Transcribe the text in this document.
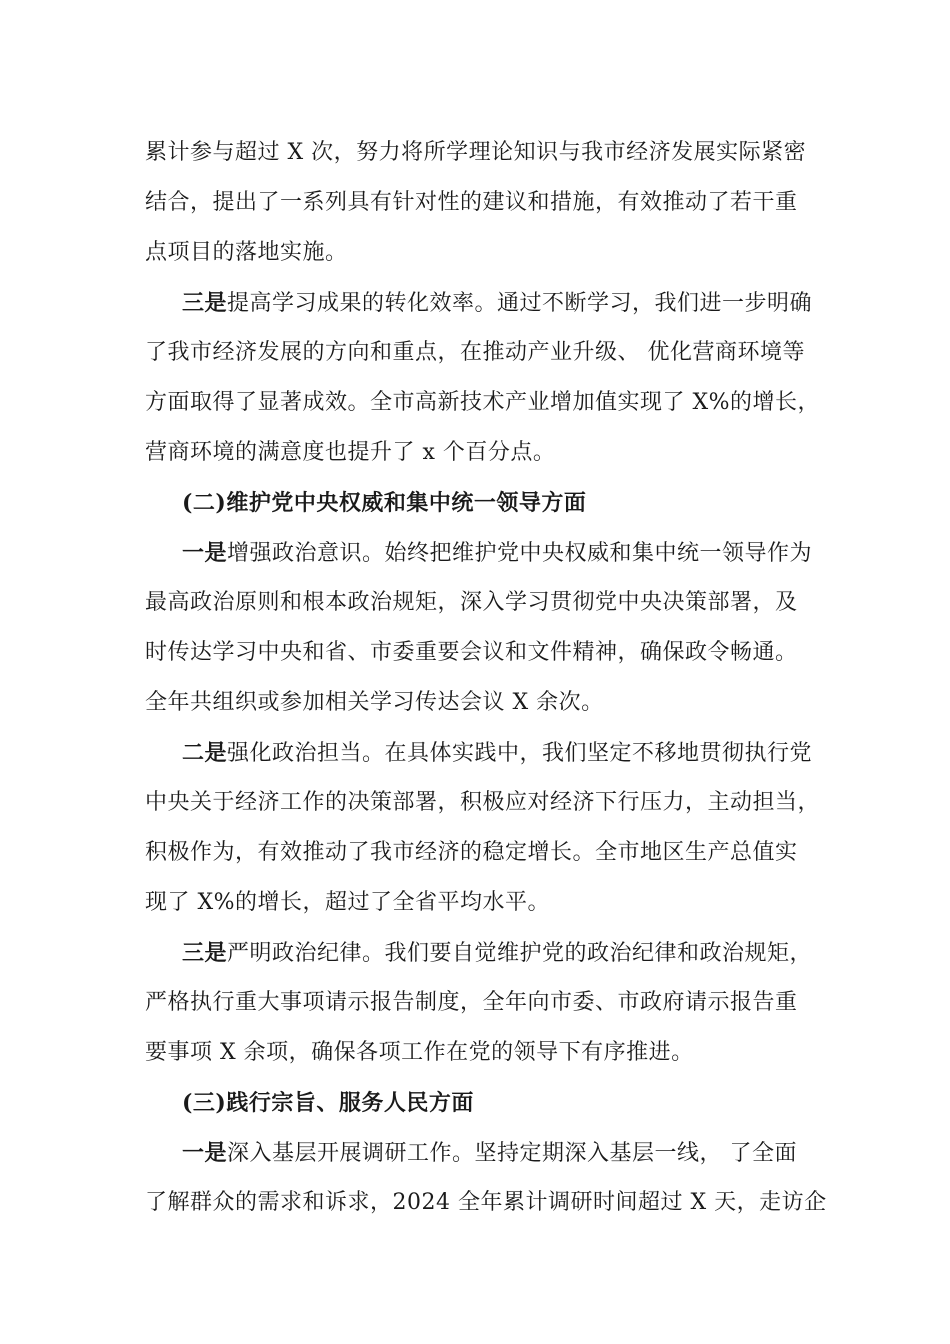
累计参与超过 X 次，努力将所学理论知识与我市经济发展实际紧密
结合，提出了一系列具有针对性的建议和措施，有效推动了若干重
点项目的落地实施。
三是提高学习成果的转化效率。通过不断学习，我们进一步明确
了我市经济发展的方向和重点，在推动产业升级、 优化营商环境等
方面取得了显著成效。全市高新技术产业增加值实现了 X%的增长，
营商环境的满意度也提升了 x 个百分点。
(二)维护党中央权威和集中统一领导方面
一是增强政治意识。始终把维护党中央权威和集中统一领导作为
最高政治原则和根本政治规矩，深入学习贯彻党中央决策部署，及
时传达学习中央和省、市委重要会议和文件精神，确保政令畅通。
全年共组织或参加相关学习传达会议 X 余次。
二是强化政治担当。在具体实践中，我们坚定不移地贯彻执行党
中央关于经济工作的决策部署，积极应对经济下行压力，主动担当，
积极作为，有效推动了我市经济的稳定增长。全市地区生产总值实
现了 X%的增长，超过了全省平均水平。
三是严明政治纪律。我们要自觉维护党的政治纪律和政治规矩，
严格执行重大事项请示报告制度，全年向市委、市政府请示报告重
要事项 X 余项，确保各项工作在党的领导下有序推进。
(三)践行宗旨、服务人民方面
一是深入基层开展调研工作。坚持定期深入基层一线， 了全面
了解群众的需求和诉求，2024 全年累计调研时间超过 X 天，走访企
